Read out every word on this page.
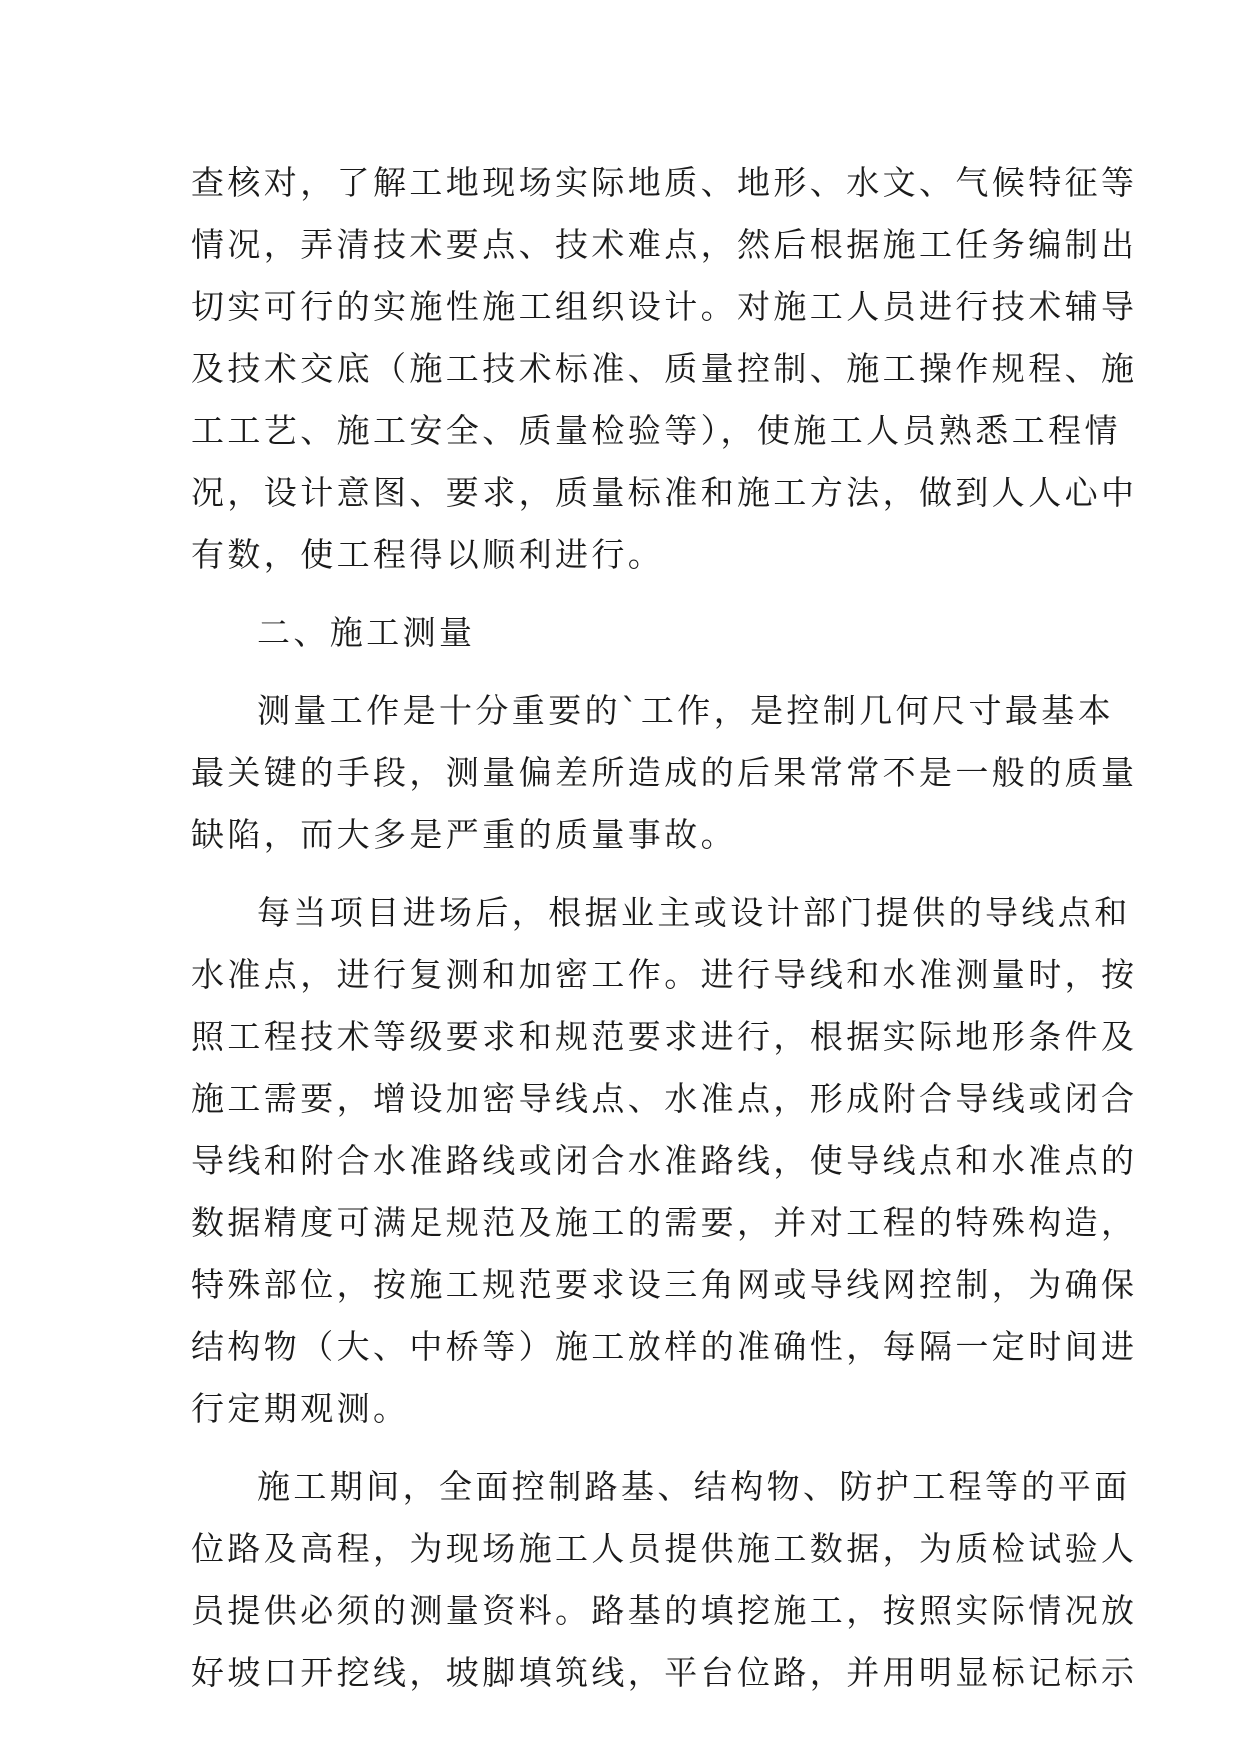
查核对，了解工地现场实际地质、地形、水文、气候特征等
情况，弄清技术要点、技术难点，然后根据施工任务编制出
切实可行的实施性施工组织设计。对施工人员进行技术辅导
及技术交底（施工技术标准、质量控制、施工操作规程、施
工工艺、施工安全、质量检验等），使施工人员熟悉工程情
况，设计意图、要求，质量标准和施工方法，做到人人心中
有数，使工程得以顺利进行。
二、施工测量
测量工作是十分重要的`工作，是控制几何尺寸最基本
最关键的手段，测量偏差所造成的后果常常不是一般的质量
缺陷，而大多是严重的质量事故。
每当项目进场后，根据业主或设计部门提供的导线点和
水准点，进行复测和加密工作。进行导线和水准测量时，按
照工程技术等级要求和规范要求进行，根据实际地形条件及
施工需要，增设加密导线点、水准点，形成附合导线或闭合
导线和附合水准路线或闭合水准路线，使导线点和水准点的
数据精度可满足规范及施工的需要，并对工程的特殊构造，
特殊部位，按施工规范要求设三角网或导线网控制，为确保
结构物（大、中桥等）施工放样的准确性，每隔一定时间进
行定期观测。
施工期间，全面控制路基、结构物、防护工程等的平面
位路及高程，为现场施工人员提供施工数据，为质检试验人
员提供必须的测量资料。路基的填挖施工，按照实际情况放
好坡口开挖线，坡脚填筑线，平台位路，并用明显标记标示
